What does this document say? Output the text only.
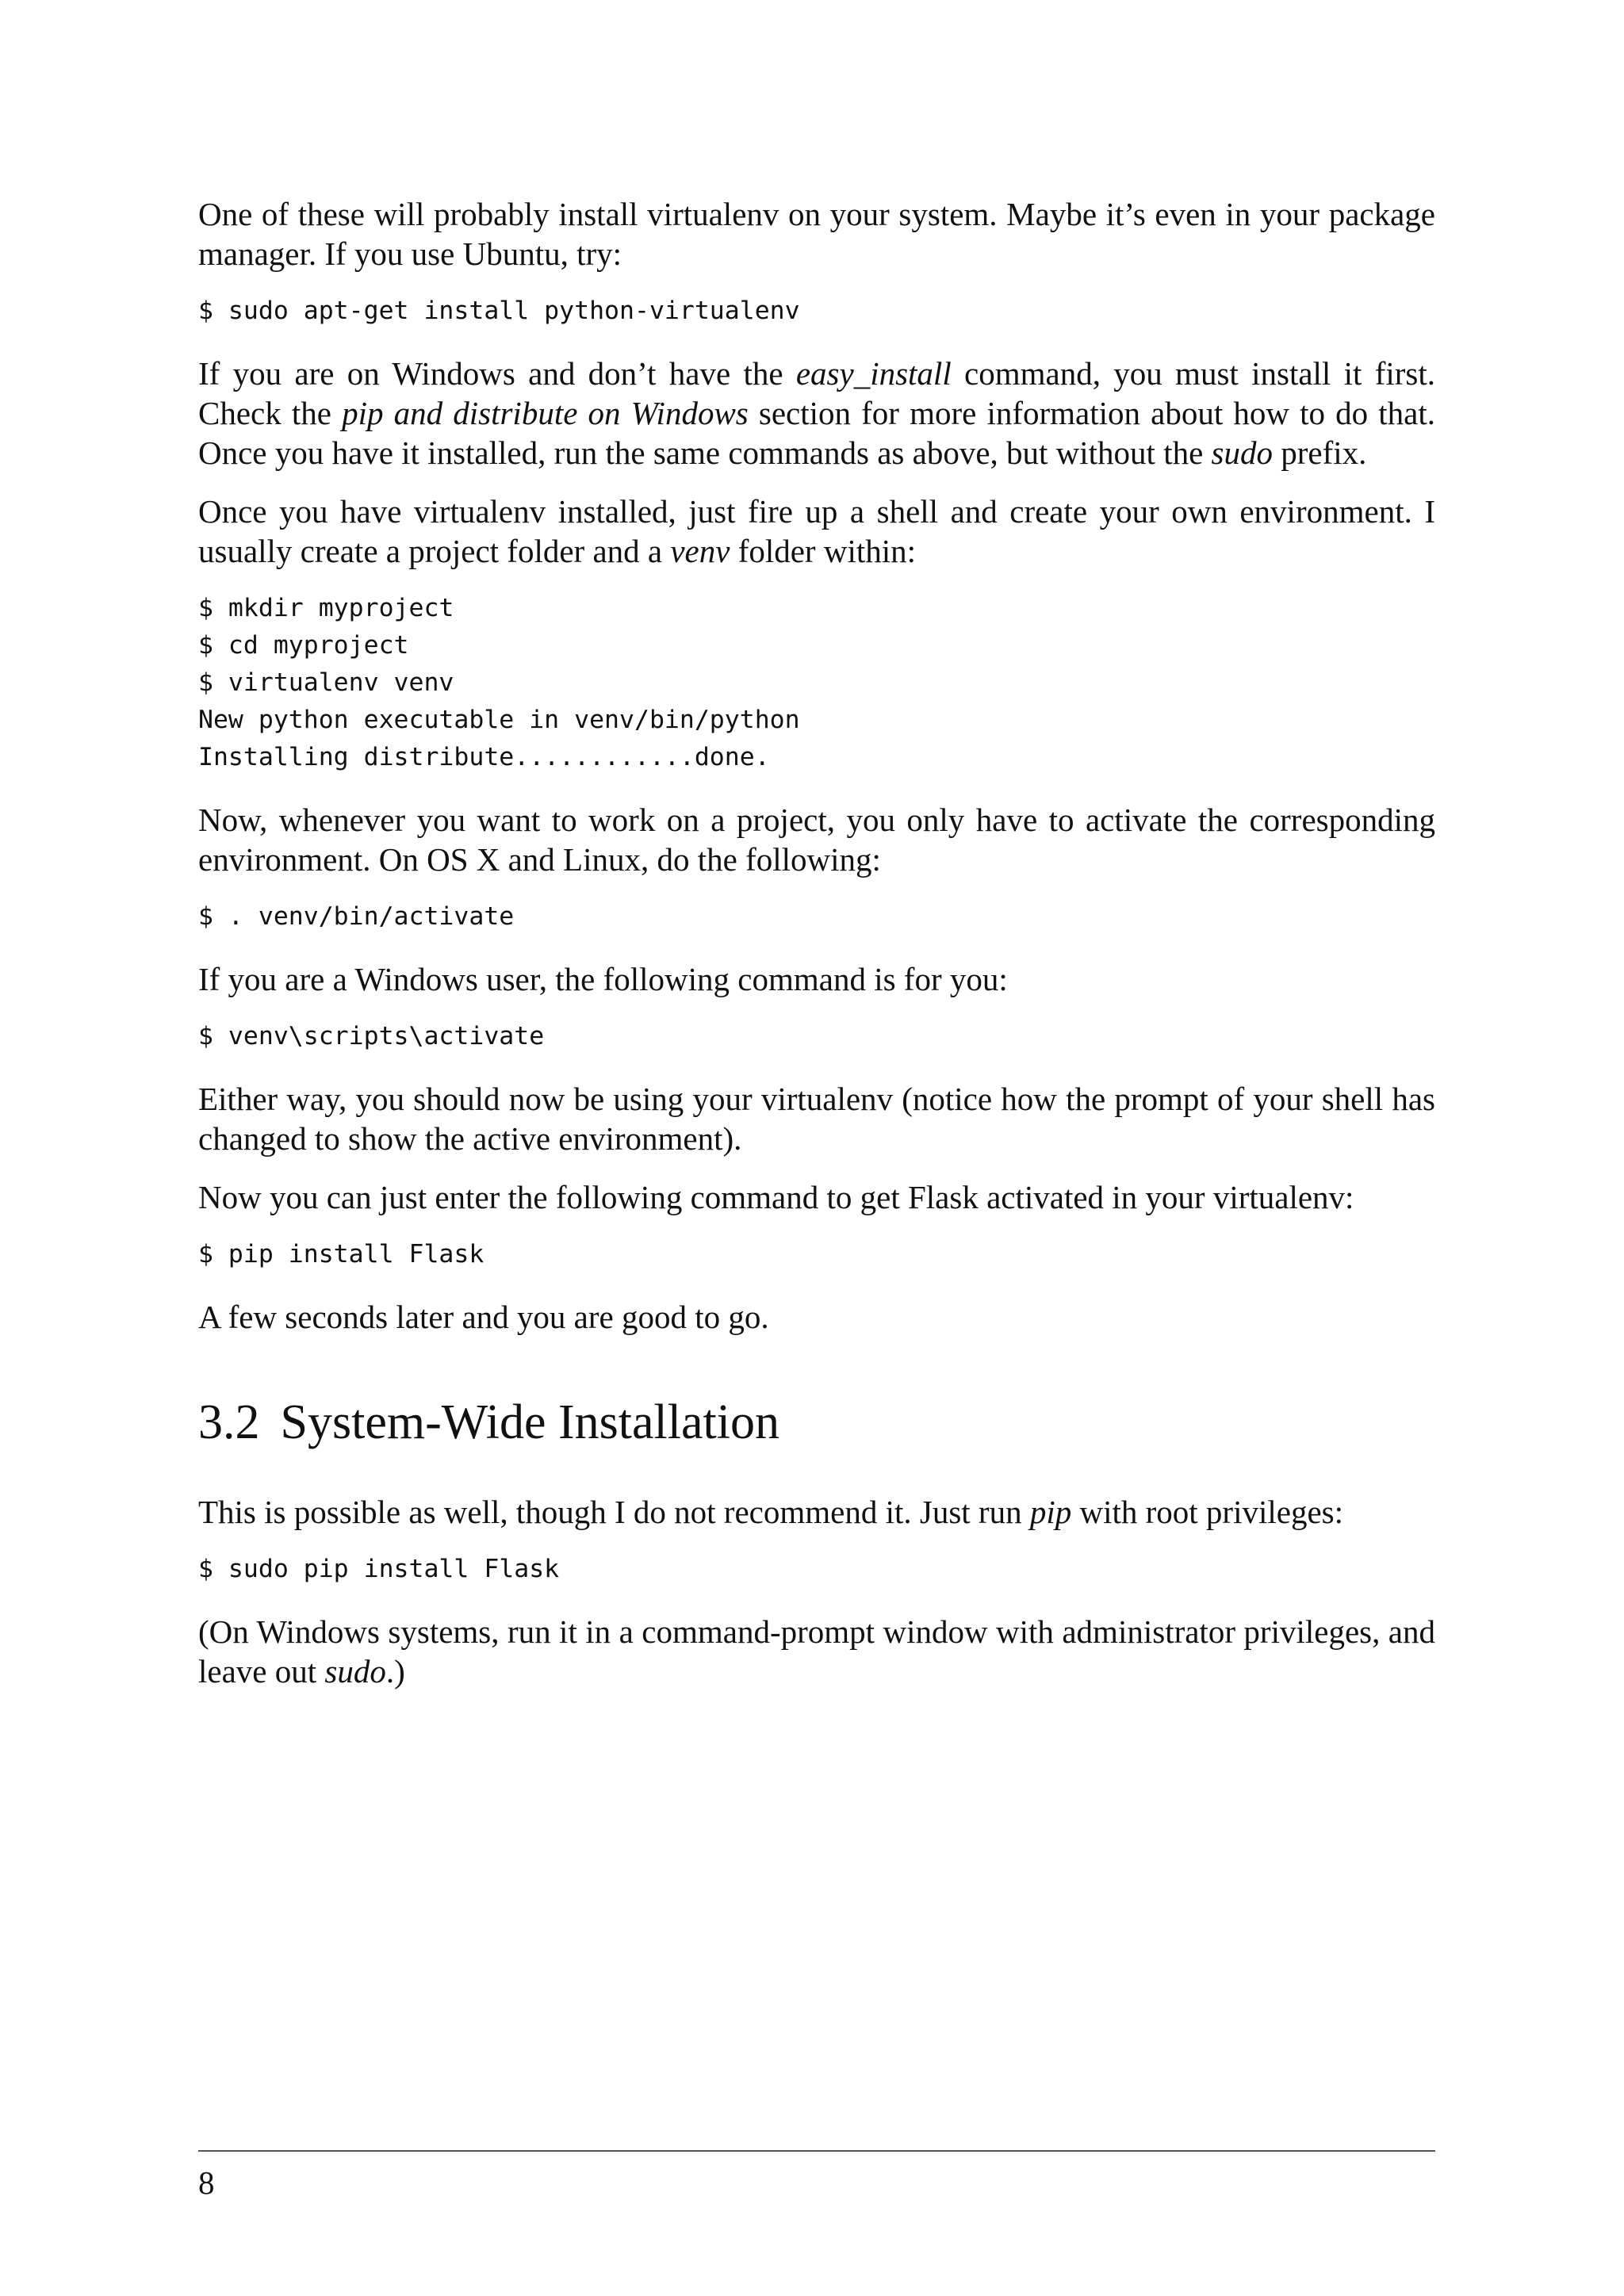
One of these will probably install virtualenv on your system. Maybe it’s even in your package manager. If you use Ubuntu, try:

$ sudo apt-get install python-virtualenv

If you are on Windows and don’t have the easy_install command, you must install it first. Check the pip and distribute on Windows section for more information about how to do that. Once you have it installed, run the same commands as above, but without the sudo prefix.

Once you have virtualenv installed, just fire up a shell and create your own environment. I usually create a project folder and a venv folder within:

$ mkdir myproject
$ cd myproject
$ virtualenv venv
New python executable in venv/bin/python
Installing distribute............done.

Now, whenever you want to work on a project, you only have to activate the corresponding environment. On OS X and Linux, do the following:

$ . venv/bin/activate

If you are a Windows user, the following command is for you:

$ venv\scripts\activate

Either way, you should now be using your virtualenv (notice how the prompt of your shell has changed to show the active environment).

Now you can just enter the following command to get Flask activated in your virtualenv:

$ pip install Flask

A few seconds later and you are good to go.

3.2 System-Wide Installation

This is possible as well, though I do not recommend it. Just run pip with root privileges:

$ sudo pip install Flask

(On Windows systems, run it in a command-prompt window with administrator privileges, and leave out sudo.)

8
